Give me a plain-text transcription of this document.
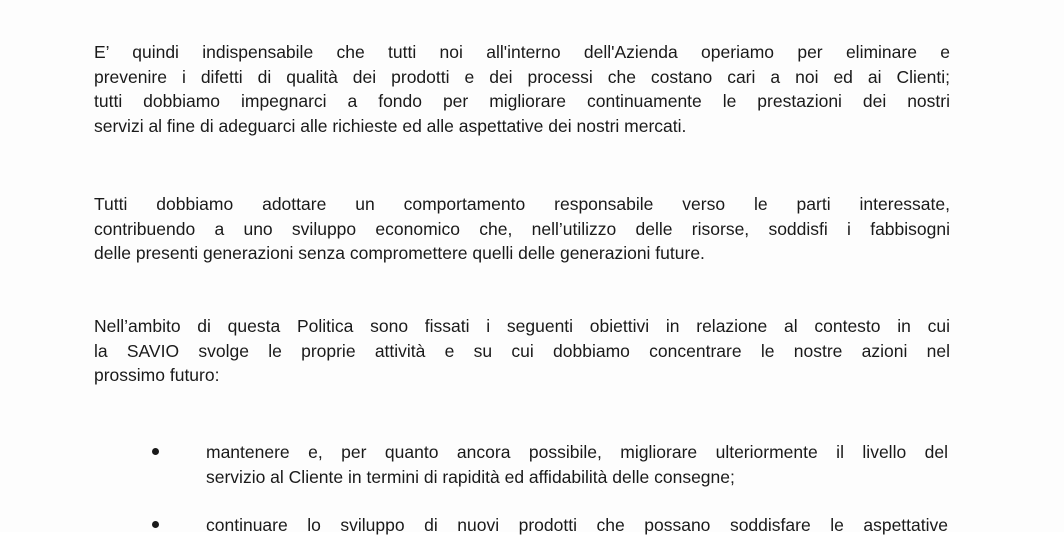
E’ quindi indispensabile che tutti noi all'interno dell'Azienda operiamo per eliminare e
prevenire i difetti di qualità dei prodotti e dei processi che costano cari a noi ed ai Clienti;
tutti dobbiamo impegnarci a fondo per migliorare continuamente le prestazioni dei nostri
servizi al fine di adeguarci alle richieste ed alle aspettative dei nostri mercati.

Tutti dobbiamo adottare un comportamento responsabile verso le parti interessate,
contribuendo a uno sviluppo economico che, nell’utilizzo delle risorse, soddisfi i fabbisogni
delle presenti generazioni senza compromettere quelli delle generazioni future.

Nell’ambito di questa Politica sono fissati i seguenti obiettivi in relazione al contesto in cui
la SAVIO svolge le proprie attività e su cui dobbiamo concentrare le nostre azioni nel
prossimo futuro:

mantenere e, per quanto ancora possibile, migliorare ulteriormente il livello del
servizio al Cliente in termini di rapidità ed affidabilità delle consegne;
continuare lo sviluppo di nuovi prodotti che possano soddisfare le aspettative
